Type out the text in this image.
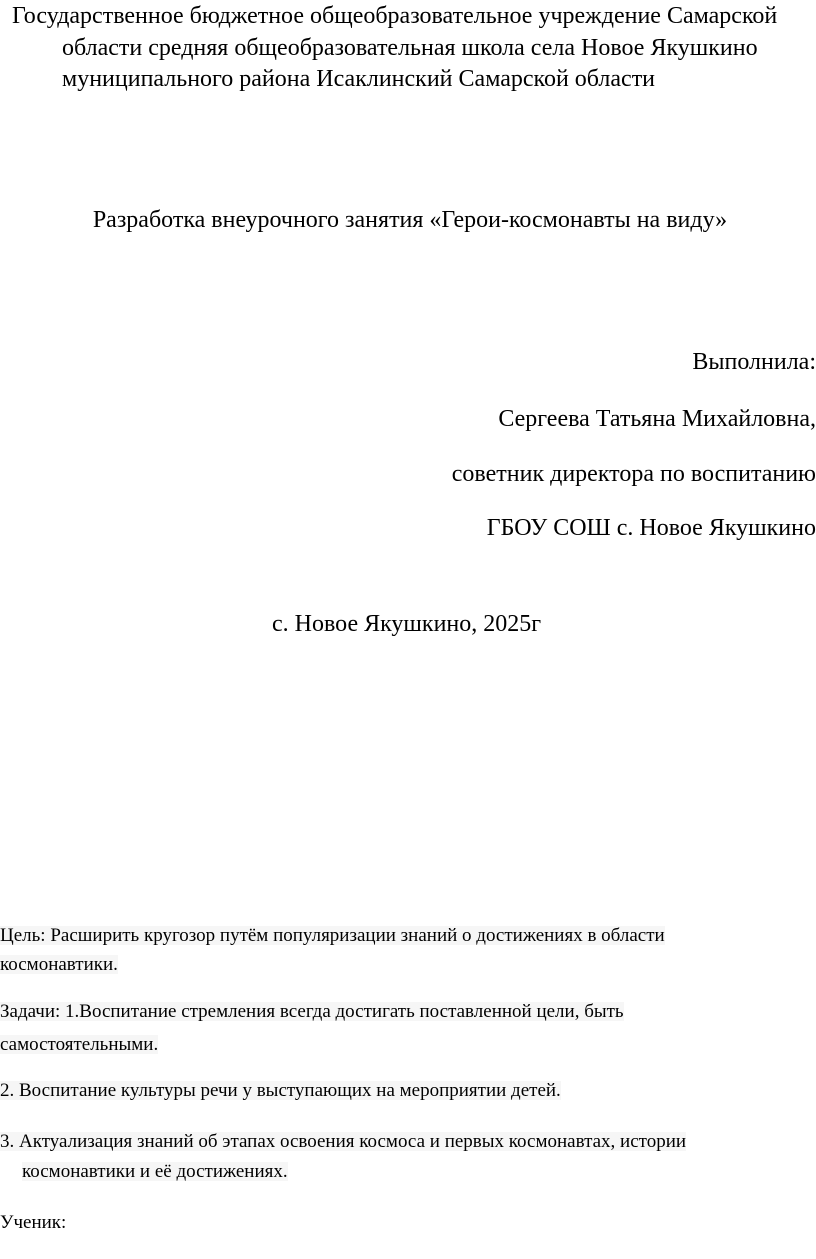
Государственное бюджетное общеобразовательное учреждение Самарской
области средняя общеобразовательная школа села Новое Якушкино
муниципального района Исаклинский Самарской области
Разработка внеурочного занятия «Герои-космонавты на виду»
Выполнила:
Сергеева Татьяна Михайловна,
советник директора по воспитанию
ГБОУ СОШ с. Новое Якушкино
с. Новое Якушкино, 2025г
Цель: Расширить кругозор путём популяризации знаний о достижениях в области
космонавтики.
Задачи: 1.Воспитание стремления всегда достигать поставленной цели, быть
самостоятельными.
2. Воспитание культуры речи у выступающих на мероприятии детей.
3. Актуализация знаний об этапах освоения космоса и первых космонавтах, истории
космонавтики и её достижениях.
Ученик:
